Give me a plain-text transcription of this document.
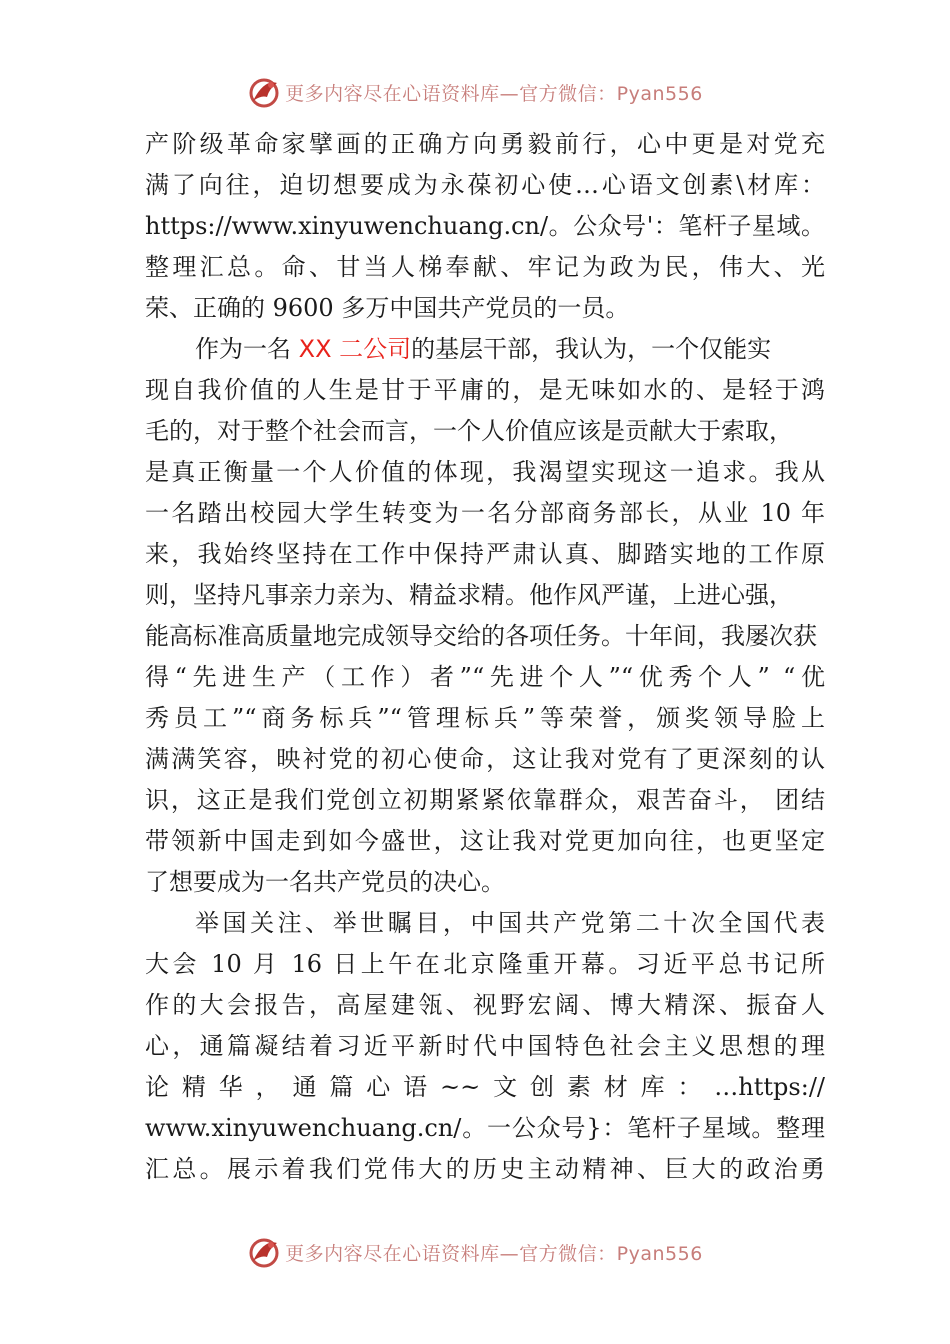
更多内容尽在心语资料库—官方微信：Pyan556
产阶级革命家擘画的正确方向勇毅前行，心中更是对党充
满了向往，迫切想要成为永葆初心使…心语文创素\材库：
https://www.xinyuwenchuang.cn/。公众号'：笔杆子星域。
整理汇总。命、甘当人梯奉献、牢记为政为民，伟大、光
荣、正确的 9600 多万中国共产党员的一员。
作为一名 XX 二公司的基层干部，我认为，一个仅能实
现自我价值的人生是甘于平庸的，是无味如水的、是轻于鸿
毛的，对于整个社会而言，一个人价值应该是贡献大于索取，
是真正衡量一个人价值的体现，我渴望实现这一追求。我从
一名踏出校园大学生转变为一名分部商务部长，从业 10 年
来，我始终坚持在工作中保持严肃认真、脚踏实地的工作原
则，坚持凡事亲力亲为、精益求精。他作风严谨，上进心强，
能高标准高质量地完成领导交给的各项任务。十年间，我屡次获
得“先进生产（工作）者”“先进个人”“优秀个人” “优
秀员工”“商务标兵”“管理标兵”等荣誉，颁奖领导脸上
满满笑容，映衬党的初心使命，这让我对党有了更深刻的认
识，这正是我们党创立初期紧紧依靠群众，艰苦奋斗， 团结
带领新中国走到如今盛世，这让我对党更加向往，也更坚定
了想要成为一名共产党员的决心。
举国关注、举世瞩目，中国共产党第二十次全国代表
大会 10 月 16 日上午在北京隆重开幕。习近平总书记所
作的大会报告，高屋建瓴、视野宏阔、博大精深、振奋人
心，通篇凝结着习近平新时代中国特色社会主义思想的理
论精华，通篇心语~~文创素材库：…https://
www.xinyuwenchuang.cn/。一公众号}：笔杆子星域。整理
汇总。展示着我们党伟大的历史主动精神、巨大的政治勇
更多内容尽在心语资料库—官方微信：Pyan556
